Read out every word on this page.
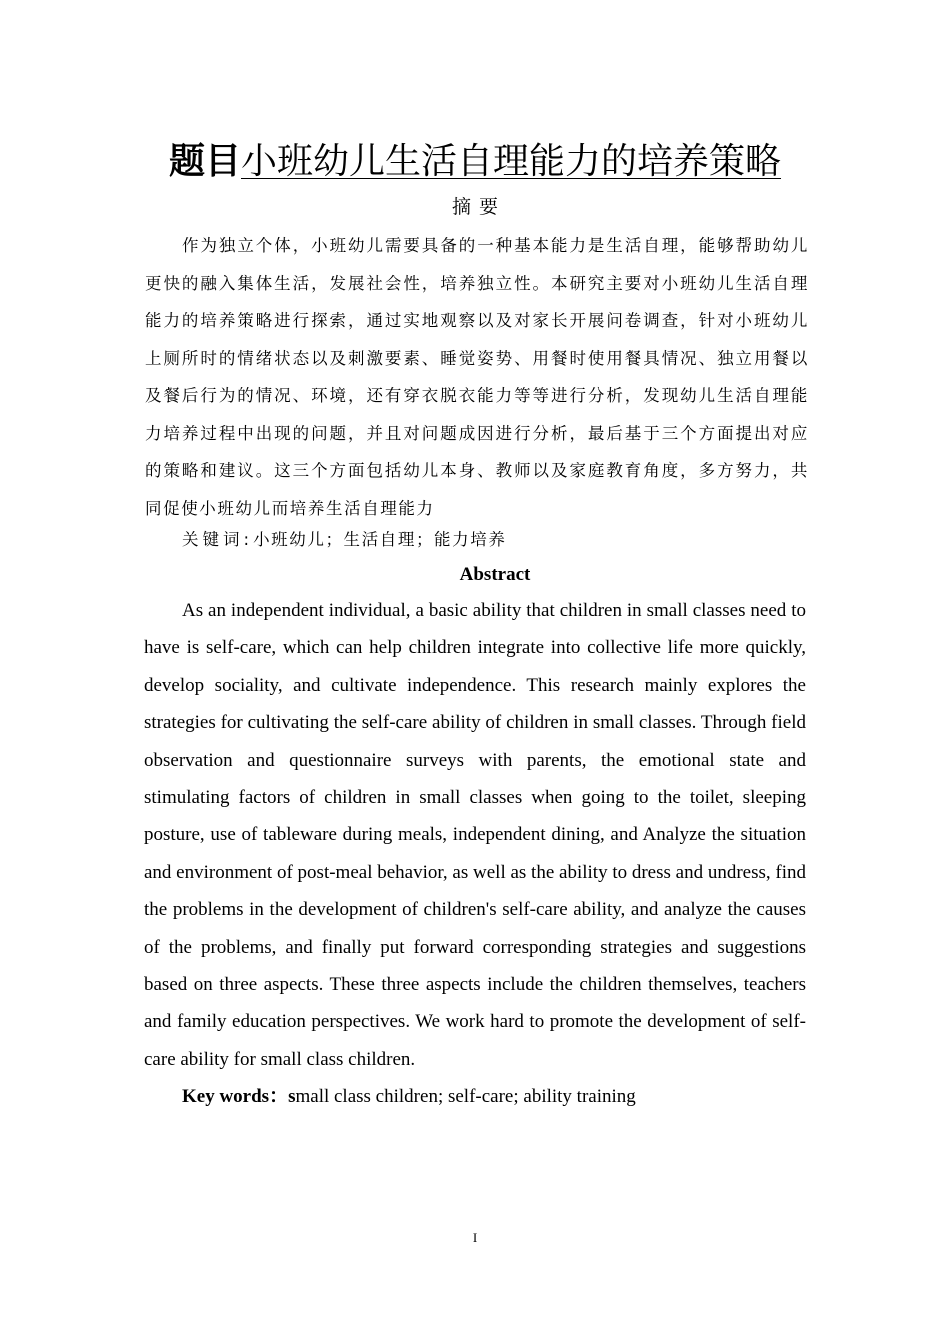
题目小班幼儿生活自理能力的培养策略
摘要

作为独立个体，小班幼儿需要具备的一种基本能力是生活自理，能够帮助幼儿更快的融入集体生活，发展社会性，培养独立性。本研究主要对小班幼儿生活自理能力的培养策略进行探索，通过实地观察以及对家长开展问卷调查，针对小班幼儿上厕所时的情绪状态以及刺激要素、睡觉姿势、用餐时使用餐具情况、独立用餐以及餐后行为的情况、环境，还有穿衣脱衣能力等等进行分析，发现幼儿生活自理能力培养过程中出现的问题，并且对问题成因进行分析，最后基于三个方面提出对应的策略和建议。这三个方面包括幼儿本身、教师以及家庭教育角度，多方努力，共同促使小班幼儿而培养生活自理能力

关键词:小班幼儿；生活自理；能力培养
Abstract

As an independent individual, a basic ability that children in small classes need to have is self-care, which can help children integrate into collective life more quickly, develop sociality, and cultivate independence. This research mainly explores the strategies for cultivating the self-care ability of children in small classes. Through field observation and questionnaire surveys with parents, the emotional state and stimulating factors of children in small classes when going to the toilet, sleeping posture, use of tableware during meals, independent dining, and Analyze the situation and environment of post-meal behavior, as well as the ability to dress and undress, find the problems in the development of children's self-care ability, and analyze the causes of the problems, and finally put forward corresponding strategies and suggestions based on three aspects. These three aspects include the children themselves, teachers and family education perspectives. We work hard to promote the development of self-care ability for small class children.

Key words：small class children; self-care; ability training
I
